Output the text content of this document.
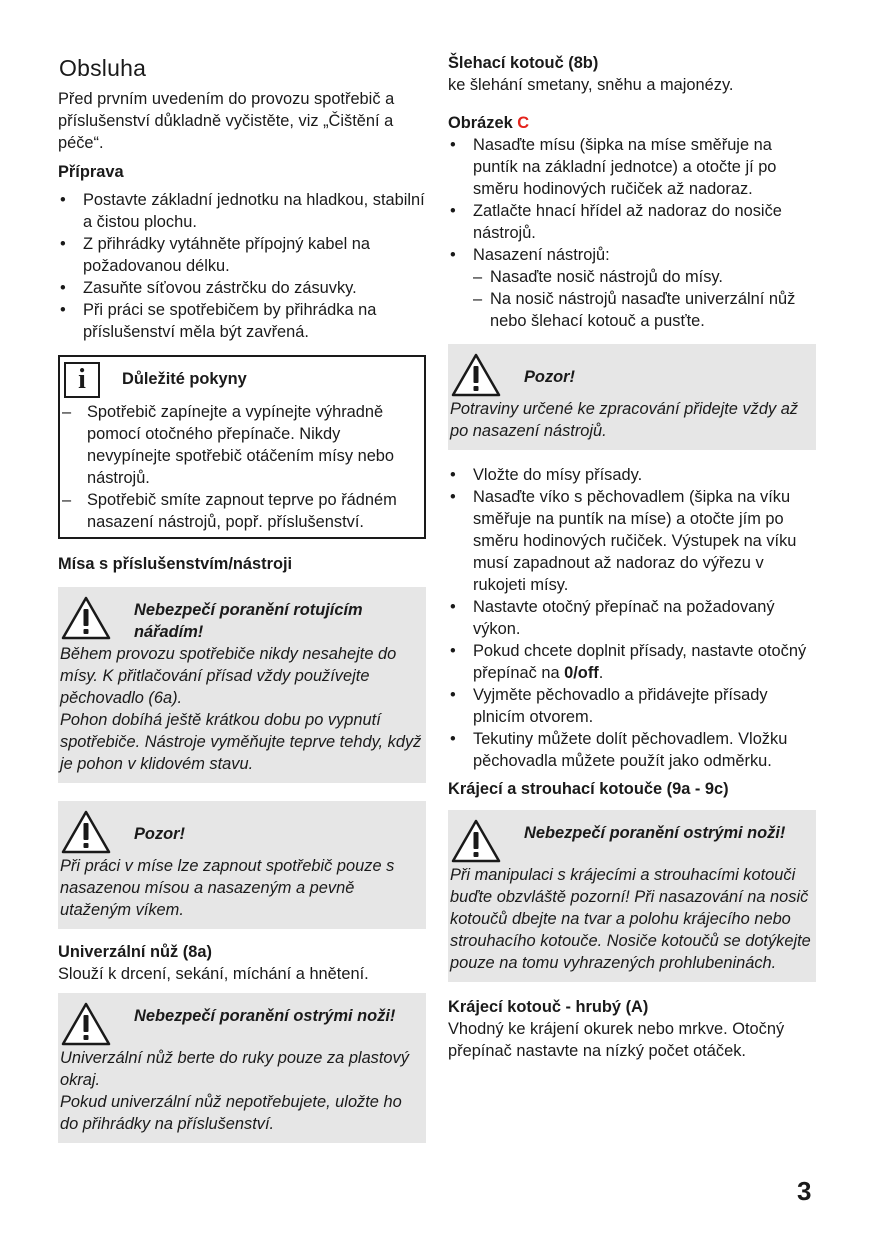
Obsluha

Před prvním uvedením do provozu spotřebič a příslušenství důkladně vyčistěte, viz „Čištění a péče“.

Příprava
• Postavte základní jednotku na hladkou, stabilní a čistou plochu.
• Z přihrádky vytáhněte přípojný kabel na požadovanou délku.
• Zasuňte síťovou zástrčku do zásuvky.
• Při práci se spotřebičem by přihrádka na příslušenství měla být zavřená.
i	Důležité pokyny
– Spotřebič zapínejte a vypínejte výhradně pomocí otočného přepínače. Nikdy nevypínejte spotřebič otáčením mísy nebo nástrojů.
– Spotřebič smíte zapnout teprve po řádném nasazení nástrojů, popř. příslušenství.
Mísa s příslušenstvím/nástroji
Nebezpečí poranění rotujícím nářadím!
Během provozu spotřebiče nikdy nesahejte do mísy. K přitlačování přísad vždy používejte pěchovadlo (6a).
Pohon dobíhá ještě krátkou dobu po vypnutí spotřebiče. Nástroje vyměňujte teprve tehdy, když je pohon v klidovém stavu.
Pozor!
Při práci v míse lze zapnout spotřebič pouze s nasazenou mísou a nasazeným a pevně utaženým víkem.
Univerzální nůž (8a)

Slouží k drcení, sekání, míchání a hnětení.

Nebezpečí poranění ostrými noži!
Univerzální nůž berte do ruky pouze za plastový okraj.
Pokud univerzální nůž nepotřebujete, uložte ho do přihrádky na příslušenství.
Šlehací kotouč (8b)

ke šlehání smetany, sněhu a majonézy.

Obrázek C
• Nasaďte mísu (šipka na míse směřuje na puntík na základní jednotce) a otočte jí po směru hodinových ručiček až nadoraz.
• Zatlačte hnací hřídel až nadoraz do nosiče nástrojů.
• Nasazení nástrojů:
– Nasaďte nosič nástrojů do mísy.
– Na nosič nástrojů nasaďte univerzální nůž nebo šlehací kotouč a pusťte.
Pozor!
Potraviny určené ke zpracování přidejte vždy až po nasazení nástrojů.
• Vložte do mísy přísady.
• Nasaďte víko s pěchovadlem (šipka na víku směřuje na puntík na míse) a otočte jím po směru hodinových ručiček. Výstupek na víku musí zapadnout až nadoraz do výřezu v rukojeti mísy.
• Nastavte otočný přepínač na požadovaný výkon.
• Pokud chcete doplnit přísady, nastavte otočný přepínač na 0/off.
• Vyjměte pěchovadlo a přidávejte přísady plnicím otvorem.
• Tekutiny můžete dolít pěchovadlem. Vložku pěchovadla můžete použít jako odměrku.
Krájecí a strouhací kotouče (9a - 9c)
Nebezpečí poranění ostrými noži!
Při manipulaci s krájecími a strouhacími kotouči buďte obzvláště pozorní! Při nasazování na nosič kotoučů dbejte na tvar a polohu krájecího nebo strouhacího kotouče. Nosiče kotoučů se dotýkejte pouze na tomu vyhrazených prohlubeninách.
Krájecí kotouč - hrubý (A)

Vhodný ke krájení okurek nebo mrkve. Otočný přepínač nastavte na nízký počet otáček.

3
